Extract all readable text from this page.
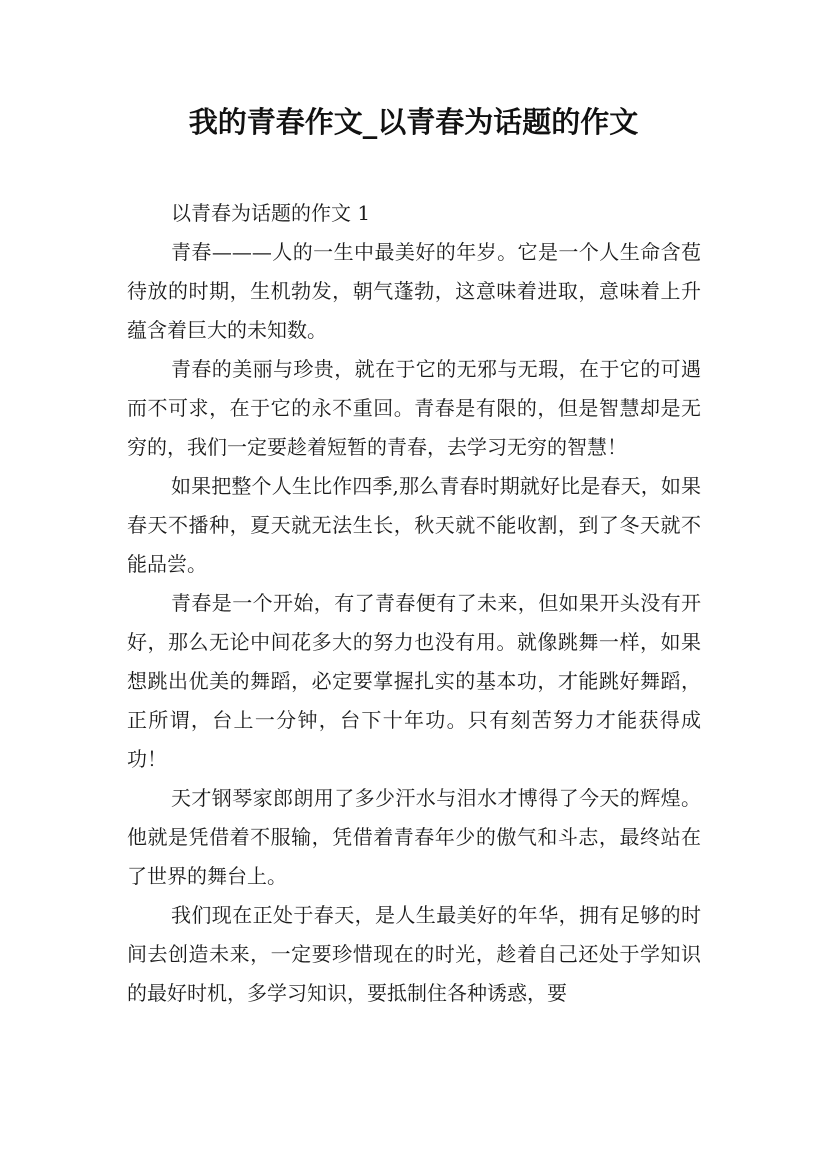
我的青春作文_以青春为话题的作文

以青春为话题的作文 1

青春———人的一生中最美好的年岁。它是一个人生命含苞待放的时期，生机勃发，朝气蓬勃，这意味着进取，意味着上升蕴含着巨大的未知数。

青春的美丽与珍贵，就在于它的无邪与无瑕，在于它的可遇而不可求，在于它的永不重回。青春是有限的，但是智慧却是无穷的，我们一定要趁着短暂的青春，去学习无穷的智慧！

如果把整个人生比作四季,那么青春时期就好比是春天，如果春天不播种，夏天就无法生长，秋天就不能收割，到了冬天就不能品尝。

青春是一个开始，有了青春便有了未来，但如果开头没有开好，那么无论中间花多大的努力也没有用。就像跳舞一样，如果想跳出优美的舞蹈，必定要掌握扎实的基本功，才能跳好舞蹈，正所谓，台上一分钟，台下十年功。只有刻苦努力才能获得成功！

天才钢琴家郎朗用了多少汗水与泪水才博得了今天的辉煌。他就是凭借着不服输，凭借着青春年少的傲气和斗志，最终站在了世界的舞台上。

我们现在正处于春天，是人生最美好的年华，拥有足够的时间去创造未来，一定要珍惜现在的时光，趁着自己还处于学知识的最好时机，多学习知识，要抵制住各种诱惑，要
